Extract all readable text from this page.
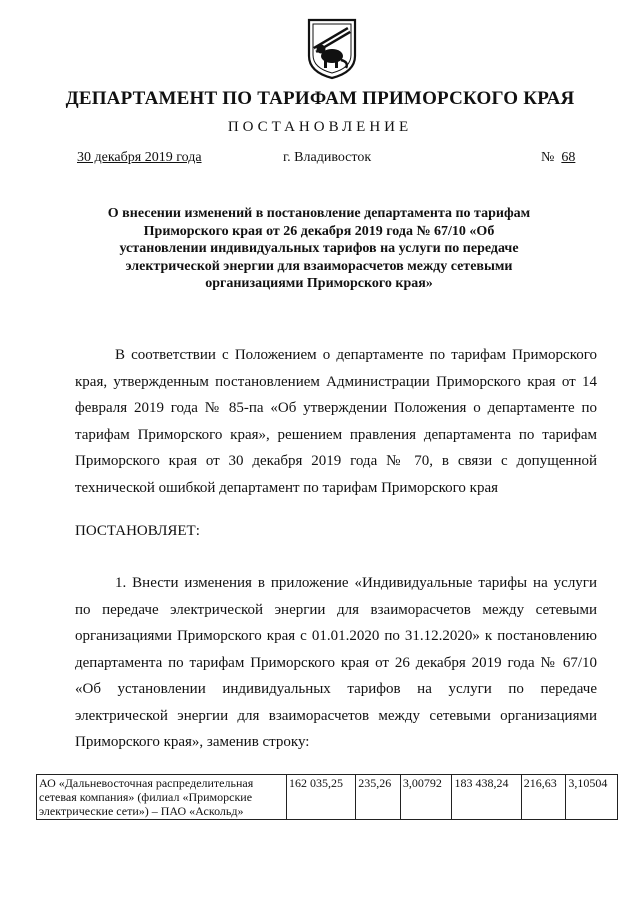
ДЕПАРТАМЕНТ ПО ТАРИФАМ ПРИМОРСКОГО КРАЯ
ПОСТАНОВЛЕНИЕ
30 декабря 2019 года	г. Владивосток	№ 68
О внесении изменений в постановление департамента по тарифам Приморского края от 26 декабря 2019 года № 67/10 «Об установлении индивидуальных тарифов на услуги по передаче электрической энергии для взаиморасчетов между сетевыми организациями Приморского края»
В соответствии с Положением о департаменте по тарифам Приморского края, утвержденным постановлением Администрации Приморского края от 14 февраля 2019 года № 85-па «Об утверждении Положения о департаменте по тарифам Приморского края», решением правления департамента по тарифам Приморского края от 30 декабря 2019 года № 70, в связи с допущенной технической ошибкой департамент по тарифам Приморского края
ПОСТАНОВЛЯЕТ:
1. Внести изменения в приложение «Индивидуальные тарифы на услуги по передаче электрической энергии для взаиморасчетов между сетевыми организациями Приморского края с 01.01.2020 по 31.12.2020» к постановлению департамента по тарифам Приморского края от 26 декабря 2019 года № 67/10 «Об установлении индивидуальных тарифов на услуги по передаче электрической энергии для взаиморасчетов между сетевыми организациями Приморского края», заменив строку:
АО «Дальневосточная распределительная сетевая компания» (филиал «Приморские электрические сети») – ПАО «Аскольд»	162 035,25	235,26	3,00792	183 438,24	216,63	3,10504
